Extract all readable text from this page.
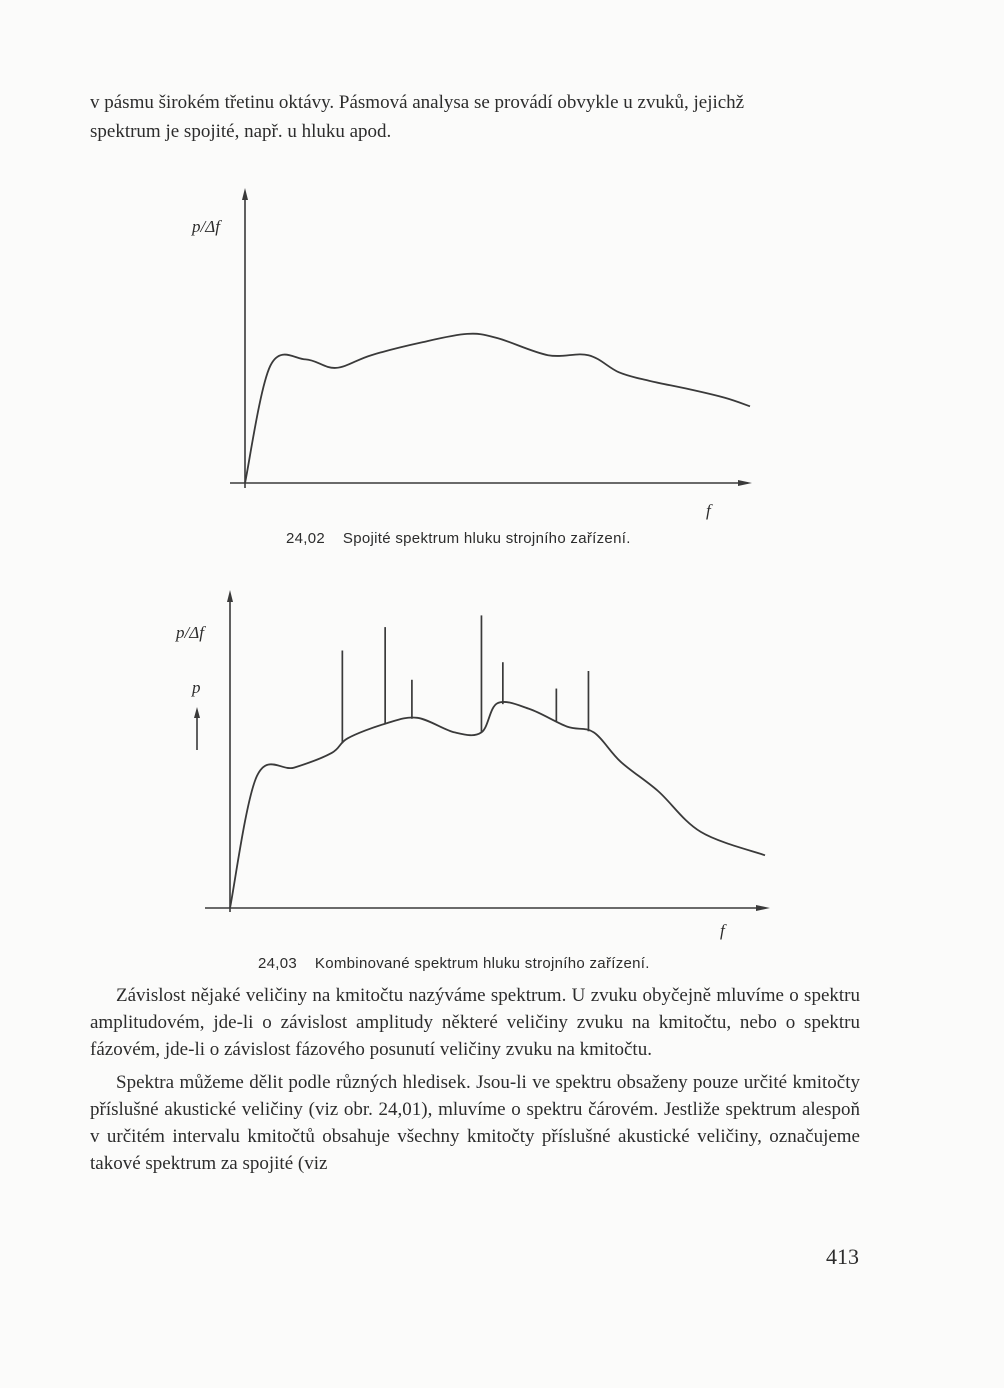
v pásmu širokém třetinu oktávy. Pásmová analysa se provádí obvykle u zvuků, jejichž
spektrum je spojité, např. u hluku apod.
p/Δf
f
24,02 Spojité spektrum hluku strojního zařízení.
p/Δf
p
f
24,03 Kombinované spektrum hluku strojního zařízení.

Závislost nějaké veličiny na kmitočtu nazýváme spektrum. U zvuku obyčejně mluvíme o spektru amplitudovém, jde-li o závislost amplitudy některé veličiny zvuku na kmitočtu, nebo o spektru fázovém, jde-li o závislost fázového posunutí veličiny zvuku na kmitočtu.

Spektra můžeme dělit podle různých hledisek. Jsou-li ve spektru obsaženy pouze určité kmitočty příslušné akustické veličiny (viz obr. 24,01), mluvíme o spektru čárovém. Jestliže spektrum alespoň v určitém intervalu kmitočtů obsahuje všechny kmitočty příslušné akustické veličiny, označujeme takové spektrum za spojité (viz

413
